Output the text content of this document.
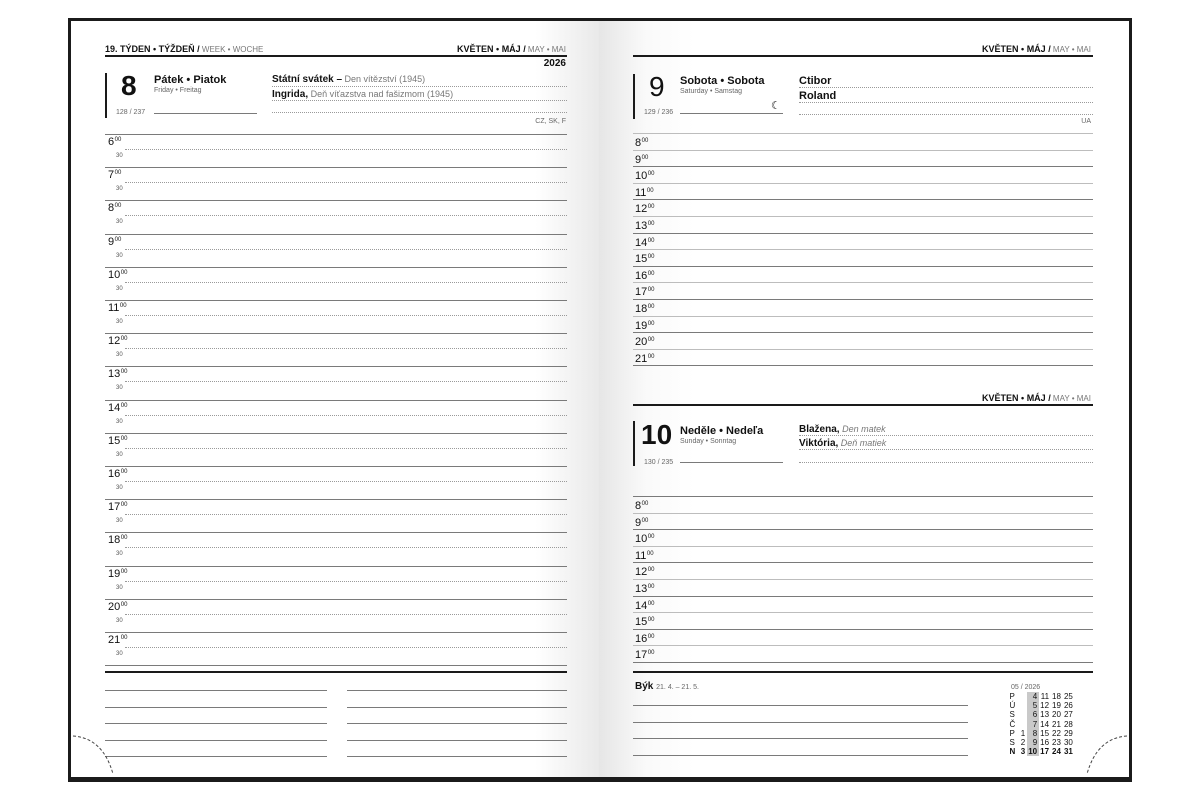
19. TÝDEN • TÝŽDEŇ / WEEK • WOCHE	KVĚTEN • MÁJ / MAY • MAI
2026
8 Pátek • Piatok
Friday • Freitag
128 / 237
Státní svátek – Den vítězství (1945)
Ingrida, Deň víťazstva nad fašizmom (1945)
CZ, SK, F
$6^{00}$
30
$7^{00}$
30
$8^{00}$
30
$9^{00}$
30
$10^{00}$
30
$11^{00}$
30
$12^{00}$
30
$13^{00}$
30
$14^{00}$
30
$15^{00}$
30
$16^{00}$
30
$17^{00}$
30
$18^{00}$
30
$19^{00}$
30
$20^{00}$
30
$21^{00}$
30
KVĚTEN • MÁJ / MAY • MAI
9 Sobota • Sobota
Saturday • Samstag
129 / 236
☾
Ctibor
Roland
UA
$8^{00}$
$9^{00}$
$10^{00}$
$11^{00}$
$12^{00}$
$13^{00}$
$14^{00}$
$15^{00}$
$16^{00}$
$17^{00}$
$18^{00}$
$19^{00}$
$20^{00}$
$21^{00}$
KVĚTEN • MÁJ / MAY • MAI
10 Neděle • Nedeľa
Sunday • Sonntag
130 / 235
Blažena, Den matek
Viktória, Deň matiek
$8^{00}$
$9^{00}$
$10^{00}$
$11^{00}$
$12^{00}$
$13^{00}$
$14^{00}$
$15^{00}$
$16^{00}$
$17^{00}$
Býk 21. 4. – 21. 5.	05 / 2026
P		4	11	18	25
Ú		5	12	19	26
S		6	13	20	27
Č		7	14	21	28
P	1	8	15	22	29
S	2	9	16	23	30
N	3	10	17	24	31
